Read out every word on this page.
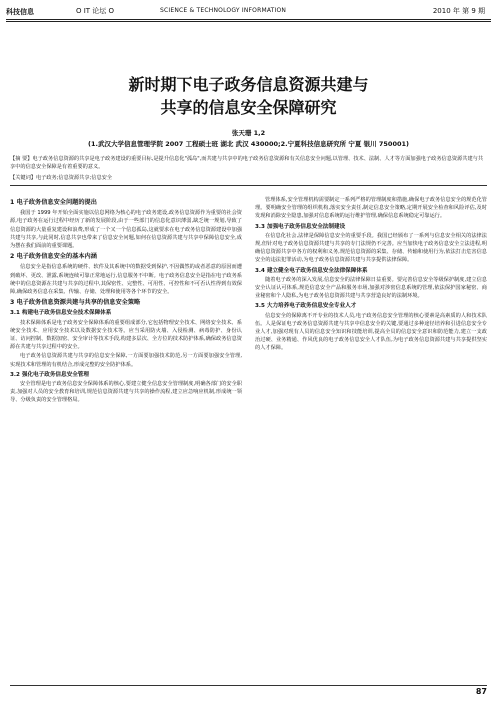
科技信息	O IT 论坛 O	SCIENCE & TECHNOLOGY INFORMATION	2010 年 第 9 期
新时期下电子政务信息资源共建与
共享的信息安全保障研究
张天珊 1,2
(1.武汉大学信息管理学院 2007 工程硕士班 湖北 武汉 430000;2.宁夏科技信息研究所 宁夏 银川 750001)
【摘 要】电子政务信息资源的共享是电子政务建设的重要目标,是提升信息化"孤岛",而共建与共享中的电子政务信息资源和有关信息安全问题,以管理、技术、法制、人才等方面加强电子政务信息资源共建与共享中的信息安全保障是有着重要的意义。
【关键词】电子政务;信息资源共享;信息安全
1 电子政务信息安全问题的提出

我国于 1999 年开始全面实施以信息网络为核心的电子政务建设,政务信息资源作为重要的社会资源,电子政务在运行过程中经历了新的发展阶段,由于一些部门的信息化意识薄弱,缺乏统一规划,导致了信息资源的大量重复建设和浪费,形成了一个又一个信息孤岛,这就要求在电子政务信息资源建设中加强共建与共享,与此同时,信息共享也带来了信息安全问题,如何在信息资源共建与共享中保障信息安全,成为摆在我们面前的重要课题。

2 电子政务信息安全的基本内涵

信息安全是指信息系统的硬件、软件及其系统中的数据受到保护,不因偶然的或者恶意的原因而遭到破坏、更改、泄露,系统连续可靠正常地运行,信息服务不中断。电子政务信息安全是指在电子政务系统中的信息资源在共建与共享的过程中,其保密性、完整性、可用性、可控性和不可否认性得到有效保障,确保政务信息在采集、传输、存储、处理和使用等各个环节的安全。

3 电子政务信息资源共建与共享的信息安全策略
3.1 构建电子政务信息安全技术保障体系

技术保障体系是电子政务安全保障体系的重要组成部分,它包括物理安全技术、网络安全技术、系统安全技术、应用安全技术以及数据安全技术等。应当采用防火墙、入侵检测、病毒防护、身份认证、访问控制、数据加密、安全审计等技术手段,构建多层次、全方位的技术防护体系,确保政务信息资源在共建与共享过程中的安全。

电子政务信息资源共建与共享的信息安全保障,一方面要加强技术防范,另一方面要加强安全管理,实现技术和管理的有机结合,形成完整的安全防护体系。

3.2 强化电子政务信息安全管理

安全管理是电子政务信息安全保障体系的核心,要建立健全信息安全管理制度,明确各部门的安全职责,加强对人员的安全教育和培训,规范信息资源共建与共享的操作流程,建立应急响应机制,形成统一领导、分级负责的安全管理格局。

管理体系,安全管理机构需要制定一系列严格的管理制度和措施,确保电子政务信息安全的规范化管理。要明确安全管理的组织机构,落实安全责任,制定信息安全策略,定期开展安全检查和风险评估,及时发现和消除安全隐患,加强对信息系统的运行维护管理,确保信息系统稳定可靠运行。

3.3 加强电子政务信息安全法制建设

在信息化社会,法律是保障信息安全的重要手段。我国已经颁布了一系列与信息安全相关的法律法规,但针对电子政务信息资源共建与共享的专门法规仍不完善。应当加快电子政务信息安全立法进程,明确信息资源共享中各方的权利和义务,规范信息资源的采集、存储、传输和使用行为,依法打击危害信息安全的违法犯罪活动,为电子政务信息资源共建与共享提供法律保障。

3.4 建立健全电子政务信息安全法律保障体系

随着电子政务的深入发展,信息安全的法律保障日益重要。要完善信息安全等级保护制度,建立信息安全认证认可体系,规范信息安全产品和服务市场,加强对涉密信息系统的管理,依法保护国家秘密、商业秘密和个人隐私,为电子政务信息资源共建与共享营造良好的法制环境。

3.5 大力培养电子政务信息安全专业人才

信息安全的保障离不开专业的技术人员,电子政务信息安全管理的核心要素是高素质的人和技术队伍。人是保证电子政务信息资源共建与共享中信息安全的关键,要通过多种途径培养和引进信息安全专业人才,加强对现有人员的信息安全知识和技能培训,提高全员的信息安全意识和防范能力,建立一支政治过硬、业务精通、作风优良的电子政务信息安全人才队伍,为电子政务信息资源共建与共享提供坚实的人才保障。

87
